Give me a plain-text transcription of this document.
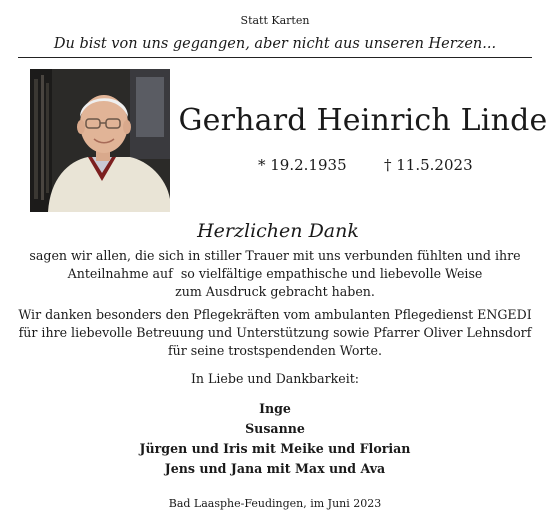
Statt Karten
Du bist von uns gegangen, aber nicht aus unseren Herzen...
Gerhard Heinrich Linde
* 19.2.1935 † 11.5.2023
Herzlichen Dank
sagen wir allen, die sich in stiller Trauer mit uns verbunden fühlten und ihre
Anteilnahme auf  so vielfältige empathische und liebevolle Weise
zum Ausdruck gebracht haben.
Wir danken besonders den Pflegekräften vom ambulanten Pflegedienst ENGEDI
für ihre liebevolle Betreuung und Unterstützung sowie Pfarrer Oliver Lehnsdorf
für seine trostspendenden Worte.
In Liebe und Dankbarkeit:
Inge
Susanne
Jürgen und Iris mit Meike und Florian
Jens und Jana mit Max und Ava
Bad Laasphe-Feudingen, im Juni 2023
